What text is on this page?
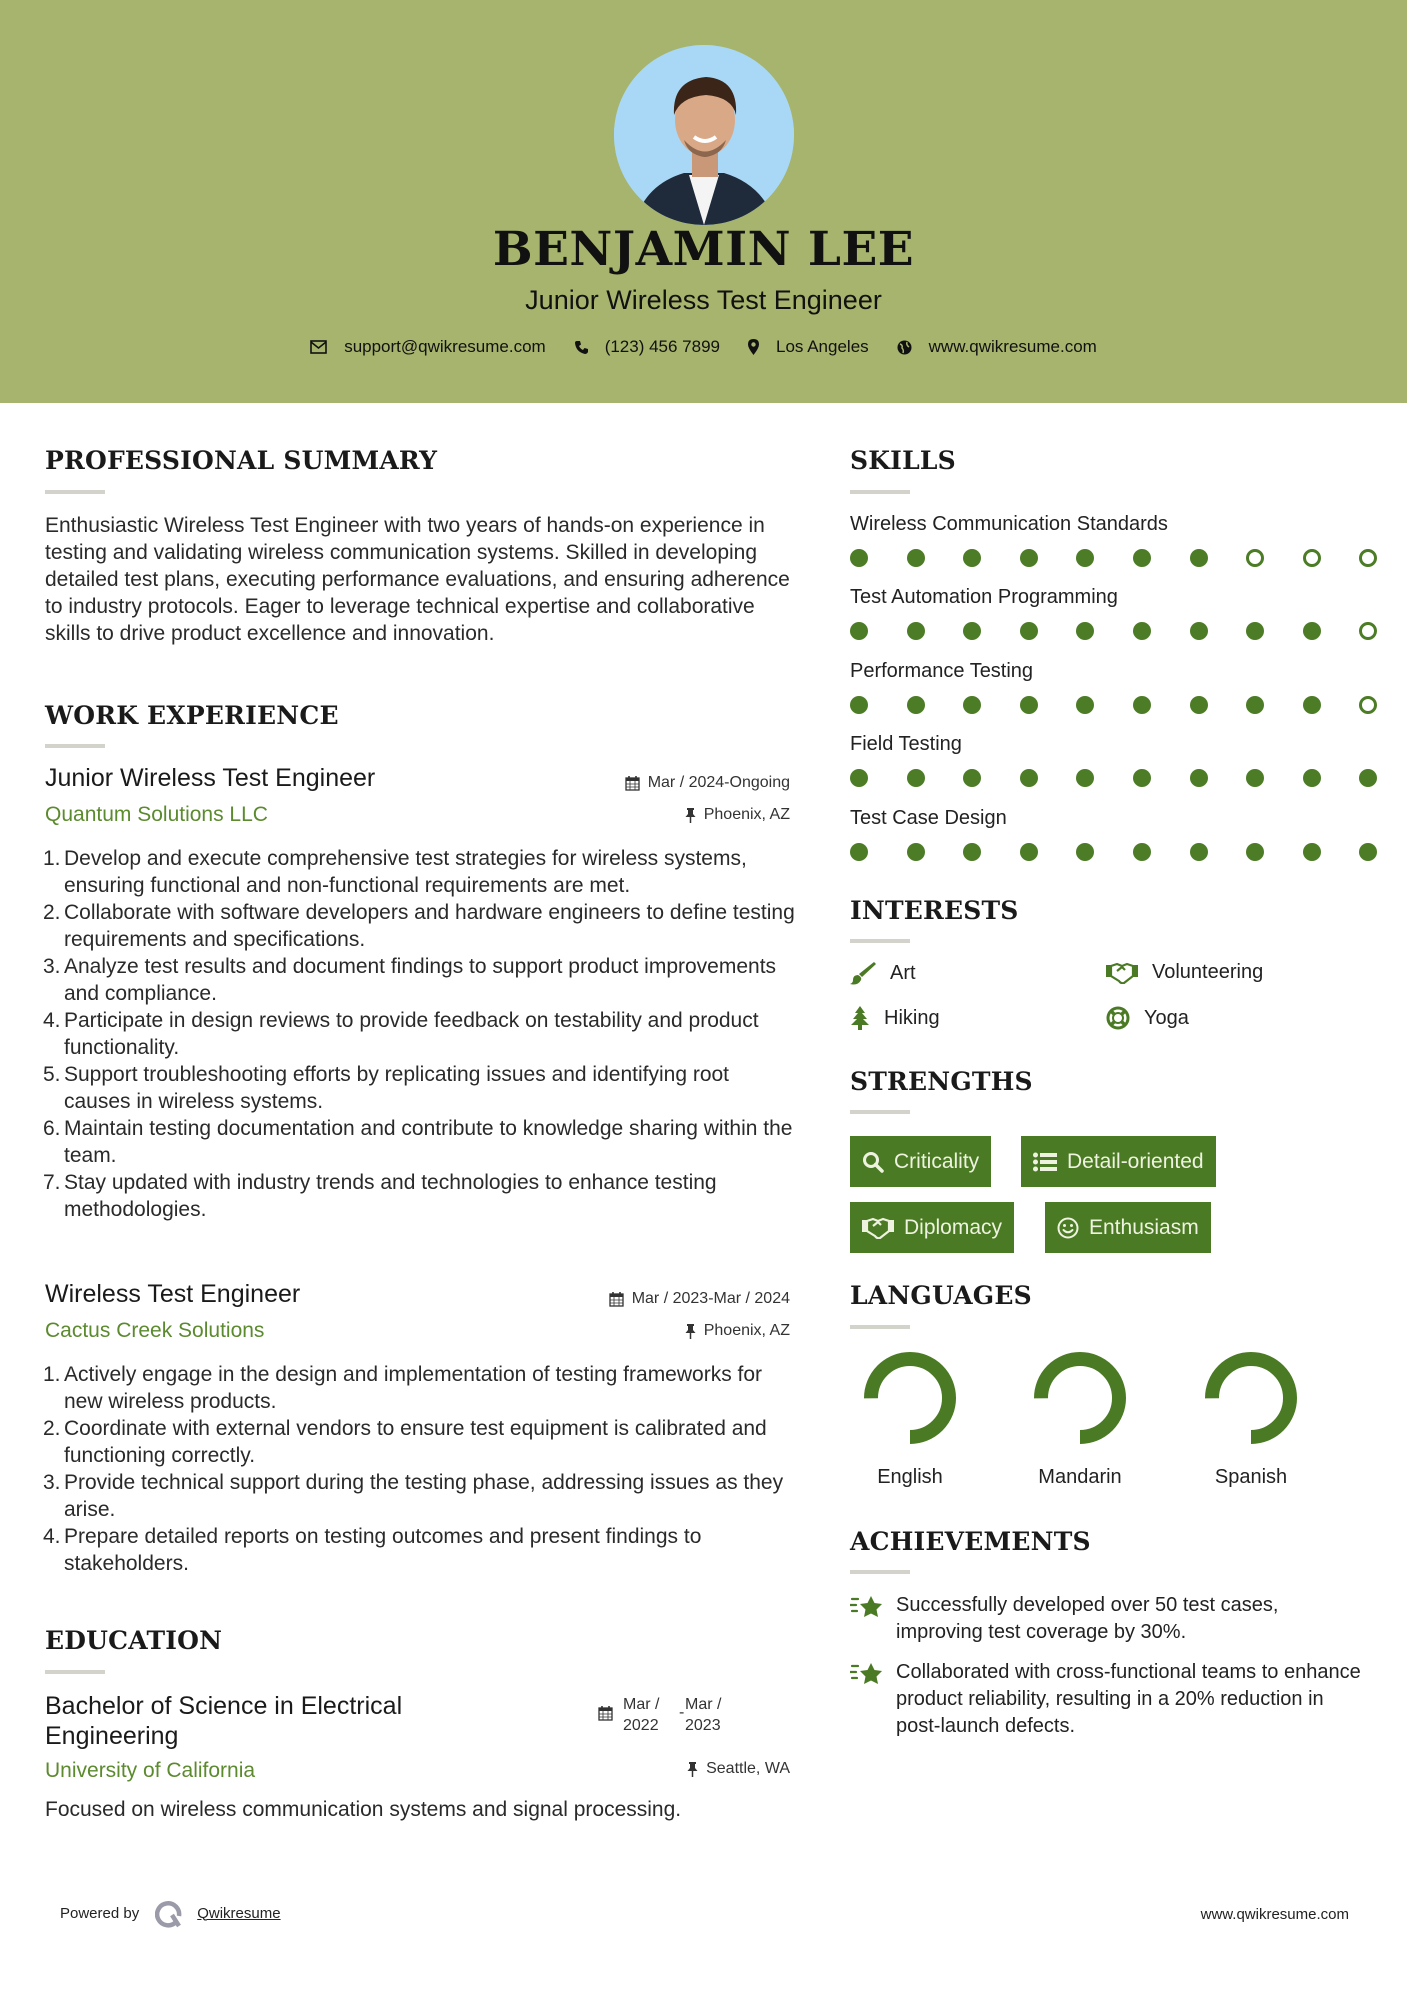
BENJAMIN LEE
Junior Wireless Test Engineer
support@qwikresume.com	(123) 456 7899	Los Angeles	www.qwikresume.com
PROFESSIONAL SUMMARY
Enthusiastic Wireless Test Engineer with two years of hands-on experience in testing and validating wireless communication systems. Skilled in developing detailed test plans, executing performance evaluations, and ensuring adherence to industry protocols. Eager to leverage technical expertise and collaborative skills to drive product excellence and innovation.
WORK EXPERIENCE
Junior Wireless Test Engineer
Quantum Solutions LLC
Mar / 2024-Ongoing
Phoenix, AZ
1. Develop and execute comprehensive test strategies for wireless systems, ensuring functional and non-functional requirements are met.
2. Collaborate with software developers and hardware engineers to define testing requirements and specifications.
3. Analyze test results and document findings to support product improvements and compliance.
4. Participate in design reviews to provide feedback on testability and product functionality.
5. Support troubleshooting efforts by replicating issues and identifying root causes in wireless systems.
6. Maintain testing documentation and contribute to knowledge sharing within the team.
7. Stay updated with industry trends and technologies to enhance testing methodologies.
Wireless Test Engineer
Cactus Creek Solutions
Mar / 2023-Mar / 2024
Phoenix, AZ
1. Actively engage in the design and implementation of testing frameworks for new wireless products.
2. Coordinate with external vendors to ensure test equipment is calibrated and functioning correctly.
3. Provide technical support during the testing phase, addressing issues as they arise.
4. Prepare detailed reports on testing outcomes and present findings to stakeholders.
EDUCATION
Bachelor of Science in Electrical
Engineering
University of California
Mar /
2022
- Mar /
2023
Seattle, WA
Focused on wireless communication systems and signal processing.
SKILLS
Wireless Communication Standards
Test Automation Programming
Performance Testing
Field Testing
Test Case Design
INTERESTS
Art	Volunteering
Hiking	Yoga
STRENGTHS
Criticality	Detail-oriented
Diplomacy	Enthusiasm
LANGUAGES
English	Mandarin	Spanish
ACHIEVEMENTS
Successfully developed over 50 test cases, improving test coverage by 30%.
Collaborated with cross-functional teams to enhance product reliability, resulting in a 20% reduction in post-launch defects.
Powered by	Qwikresume	www.qwikresume.com
